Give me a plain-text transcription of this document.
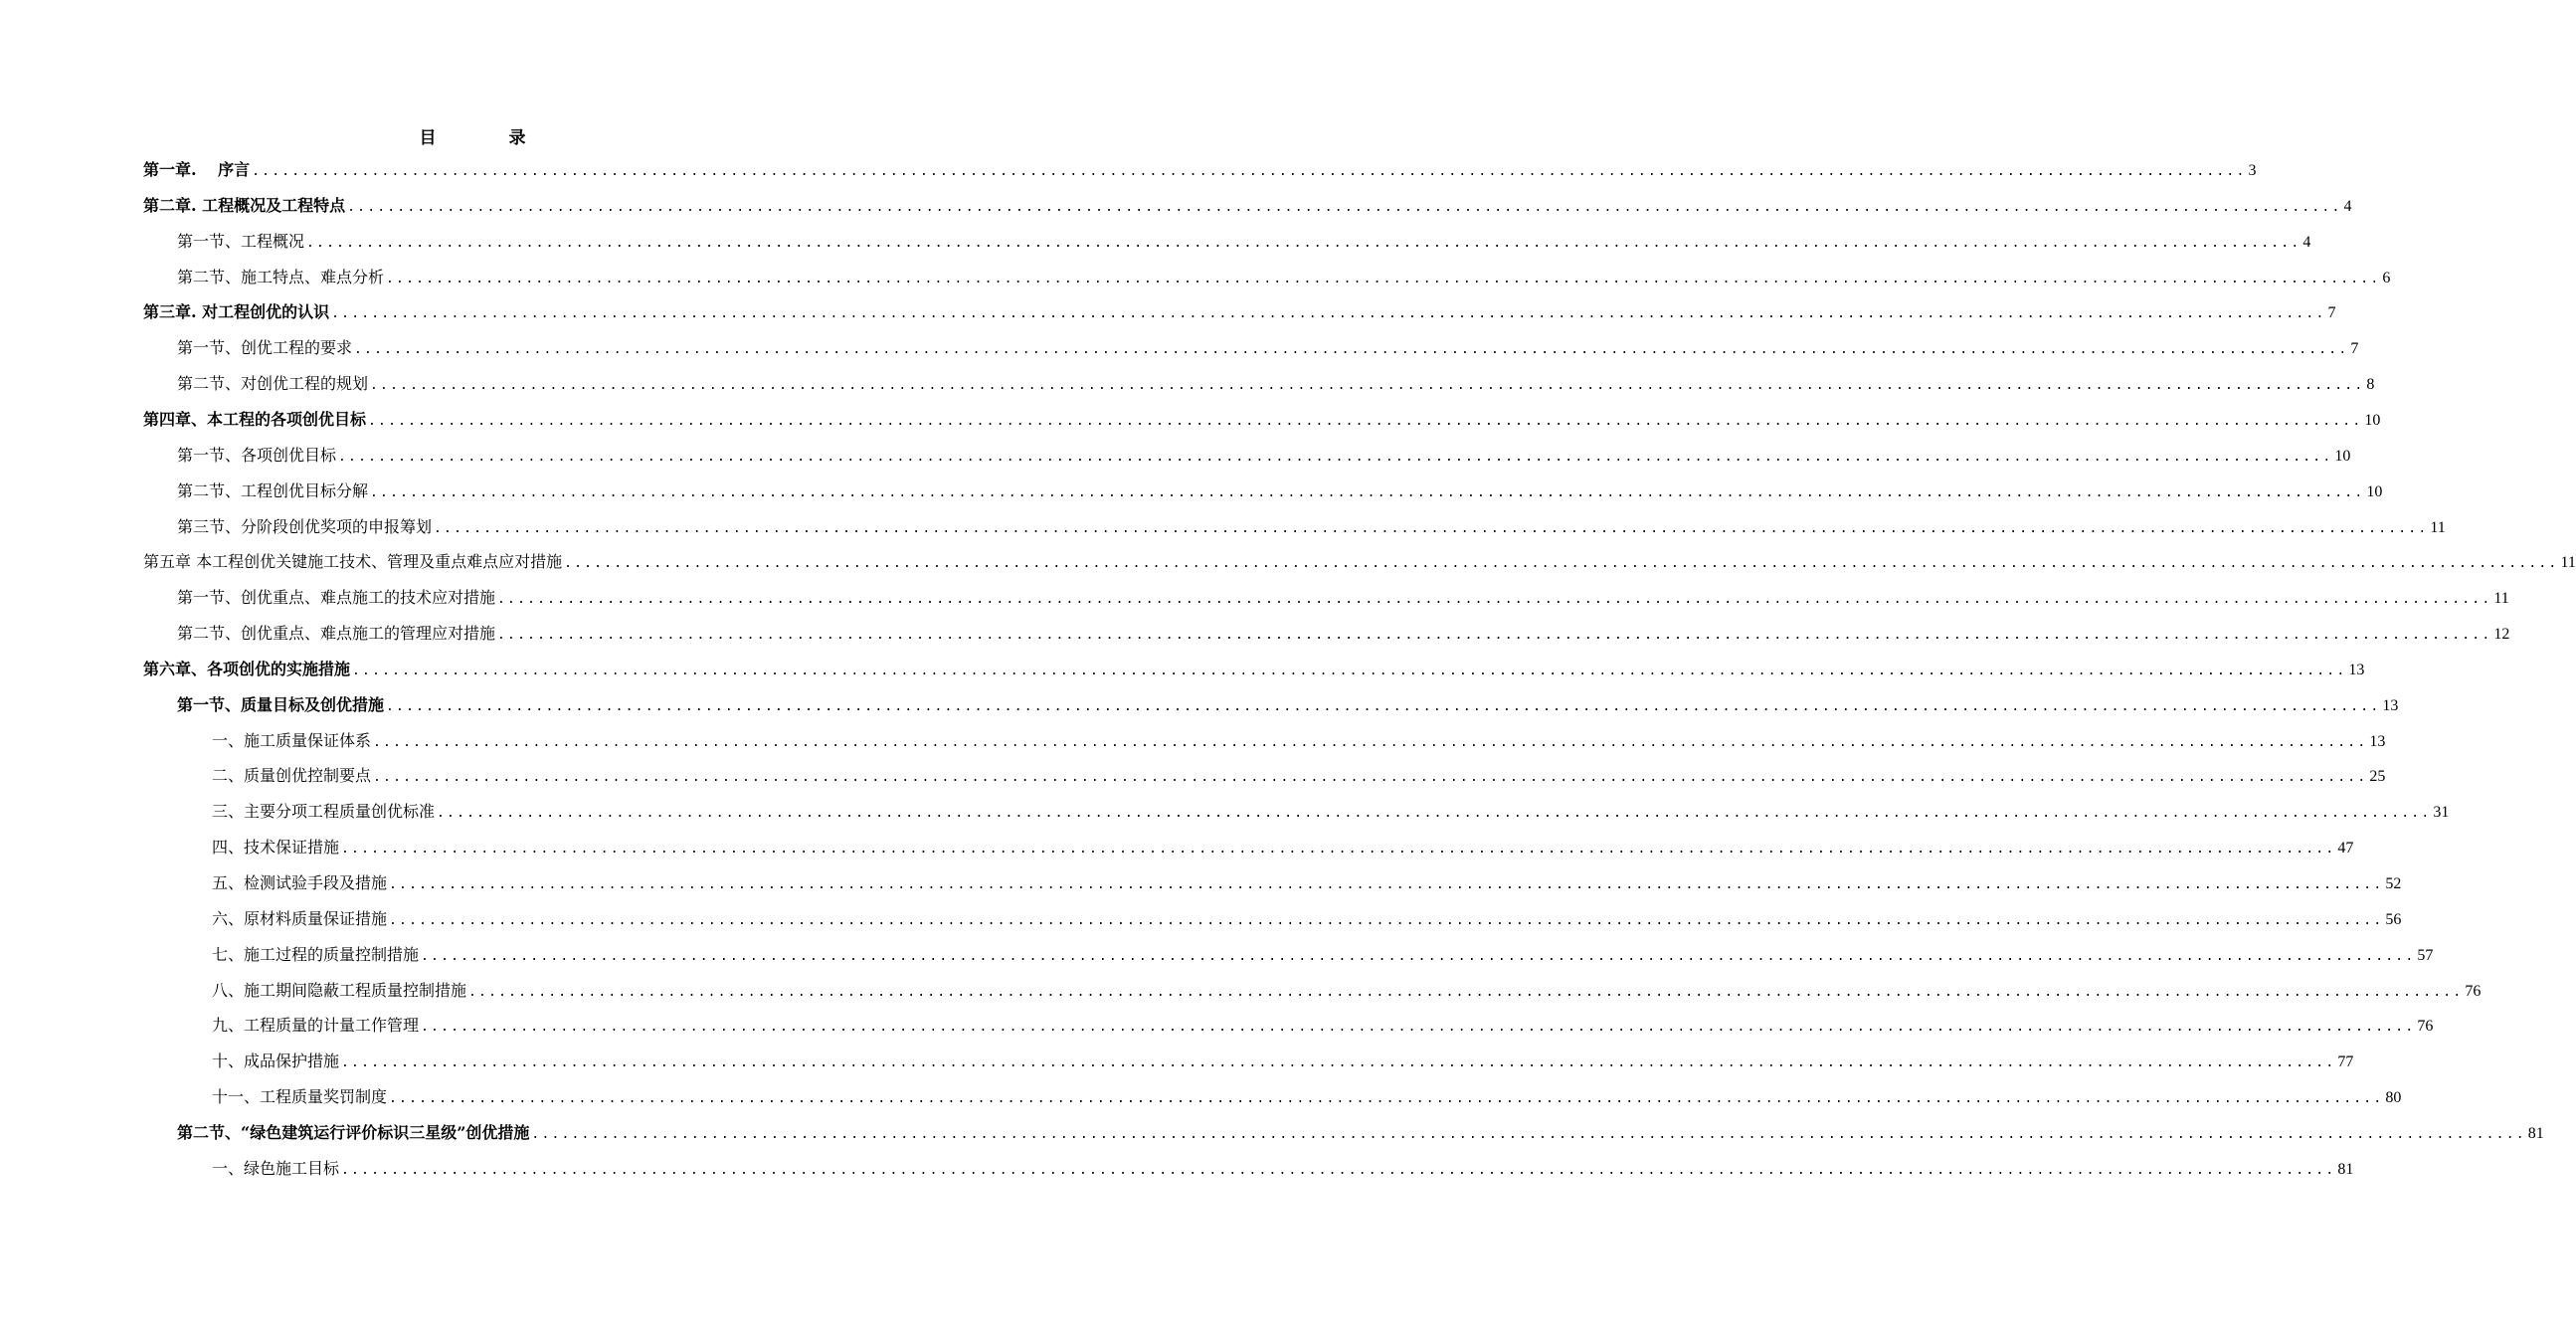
目　录
第一章.　 序言 ........................................................................................................................................................................................................ 3
第二章. 工程概况及工程特点 ........................................................................................................................................................................................................ 4
第一节、工程概况 ........................................................................................................................................................................................................ 4
第二节、施工特点、难点分析 ........................................................................................................................................................................................................ 6
第三章. 对工程创优的认识 ........................................................................................................................................................................................................ 7
第一节、创优工程的要求 ........................................................................................................................................................................................................ 7
第二节、对创优工程的规划 ........................................................................................................................................................................................................ 8
第四章、本工程的各项创优目标 ........................................................................................................................................................................................................ 10
第一节、各项创优目标 ........................................................................................................................................................................................................ 10
第二节、工程创优目标分解 ........................................................................................................................................................................................................ 10
第三节、分阶段创优奖项的申报筹划 ........................................................................................................................................................................................................ 11
第五章 本工程创优关键施工技术、管理及重点难点应对措施 ........................................................................................................................................................................................................ 11
第一节、创优重点、难点施工的技术应对措施 ........................................................................................................................................................................................................ 11
第二节、创优重点、难点施工的管理应对措施 ........................................................................................................................................................................................................ 12
第六章、各项创优的实施措施 ........................................................................................................................................................................................................ 13
第一节、质量目标及创优措施 ........................................................................................................................................................................................................ 13
一、施工质量保证体系 ........................................................................................................................................................................................................ 13
二、质量创优控制要点 ........................................................................................................................................................................................................ 25
三、主要分项工程质量创优标准 ........................................................................................................................................................................................................ 31
四、技术保证措施 ........................................................................................................................................................................................................ 47
五、检测试验手段及措施 ........................................................................................................................................................................................................ 52
六、原材料质量保证措施 ........................................................................................................................................................................................................ 56
七、施工过程的质量控制措施 ........................................................................................................................................................................................................ 57
八、施工期间隐蔽工程质量控制措施 ........................................................................................................................................................................................................ 76
九、工程质量的计量工作管理 ........................................................................................................................................................................................................ 76
十、成品保护措施 ........................................................................................................................................................................................................ 77
十一、工程质量奖罚制度 ........................................................................................................................................................................................................ 80
第二节、“绿色建筑运行评价标识三星级”创优措施 ........................................................................................................................................................................................................ 81
一、绿色施工目标 ........................................................................................................................................................................................................ 81
